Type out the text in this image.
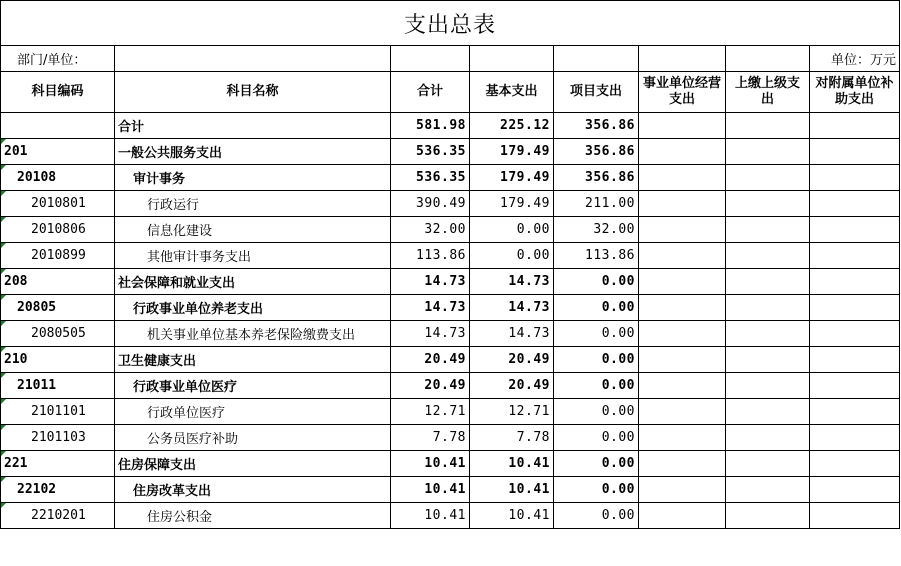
支出总表							
部门/单位：							单位：万元
科目编码	科目名称	合计	基本支出	项目支出	事业单位经营支出	上缴上级支出	对附属单位补助支出
	合计	581.98	225.12	356.86			
201	一般公共服务支出	536.35	179.49	356.86			
20108	审计事务	536.35	179.49	356.86			
2010801	行政运行	390.49	179.49	211.00			
2010806	信息化建设	32.00	0.00	32.00			
2010899	其他审计事务支出	113.86	0.00	113.86			
208	社会保障和就业支出	14.73	14.73	0.00			
20805	行政事业单位养老支出	14.73	14.73	0.00			
2080505	机关事业单位基本养老保险缴费支出	14.73	14.73	0.00			
210	卫生健康支出	20.49	20.49	0.00			
21011	行政事业单位医疗	20.49	20.49	0.00			
2101101	行政单位医疗	12.71	12.71	0.00			
2101103	公务员医疗补助	7.78	7.78	0.00			
221	住房保障支出	10.41	10.41	0.00			
22102	住房改革支出	10.41	10.41	0.00			
2210201	住房公积金	10.41	10.41	0.00			
